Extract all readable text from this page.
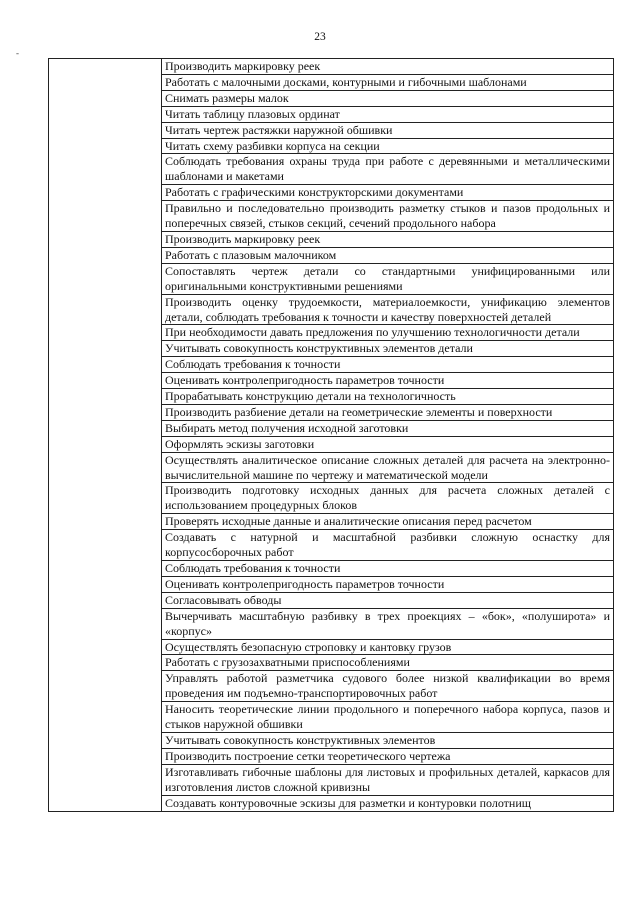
23
-
	Производить маркировку реек
Работать с малочными досками, контурными и гибочными шаблонами
Снимать размеры малок
Читать таблицу плазовых ординат
Читать чертеж растяжки наружной обшивки
Читать схему разбивки корпуса на секции
Соблюдать требования охраны труда при работе с деревянными и металлическими шаблонами и макетами
Работать с графическими конструкторскими документами
Правильно и последовательно производить разметку стыков и пазов продольных и поперечных связей, стыков секций, сечений продольного набора
Производить маркировку реек
Работать с плазовым малочником
Сопоставлять чертеж детали со стандартными унифицированными или оригинальными конструктивными решениями
Производить оценку трудоемкости, материалоемкости, унификацию элементов детали, соблюдать требования к точности и качеству поверхностей деталей
При необходимости давать предложения по улучшению технологичности детали
Учитывать совокупность конструктивных элементов детали
Соблюдать требования к точности
Оценивать контролепригодность параметров точности
Прорабатывать конструкцию детали на технологичность
Производить разбиение детали на геометрические элементы и поверхности
Выбирать метод получения исходной заготовки
Оформлять эскизы заготовки
Осуществлять аналитическое описание сложных деталей для расчета на электронно-вычислительной машине по чертежу и математической модели
Производить подготовку исходных данных для расчета сложных деталей с использованием процедурных блоков
Проверять исходные данные и аналитические описания перед расчетом
Создавать с натурной и масштабной разбивки сложную оснастку для корпусосборочных работ
Соблюдать требования к точности
Оценивать контролепригодность параметров точности
Согласовывать обводы
Вычерчивать масштабную разбивку в трех проекциях – «бок», «полуширота» и «корпус»
Осуществлять безопасную строповку и кантовку грузов
Работать с грузозахватными приспособлениями
Управлять работой разметчика судового более низкой квалификации во время проведения им подъемно-транспортировочных работ
Наносить теоретические линии продольного и поперечного набора корпуса, пазов и стыков наружной обшивки
Учитывать совокупность конструктивных элементов
Производить построение сетки теоретического чертежа
Изготавливать гибочные шаблоны для листовых и профильных деталей, каркасов для изготовления листов сложной кривизны
Создавать контуровочные эскизы для разметки и контуровки полотнищ
